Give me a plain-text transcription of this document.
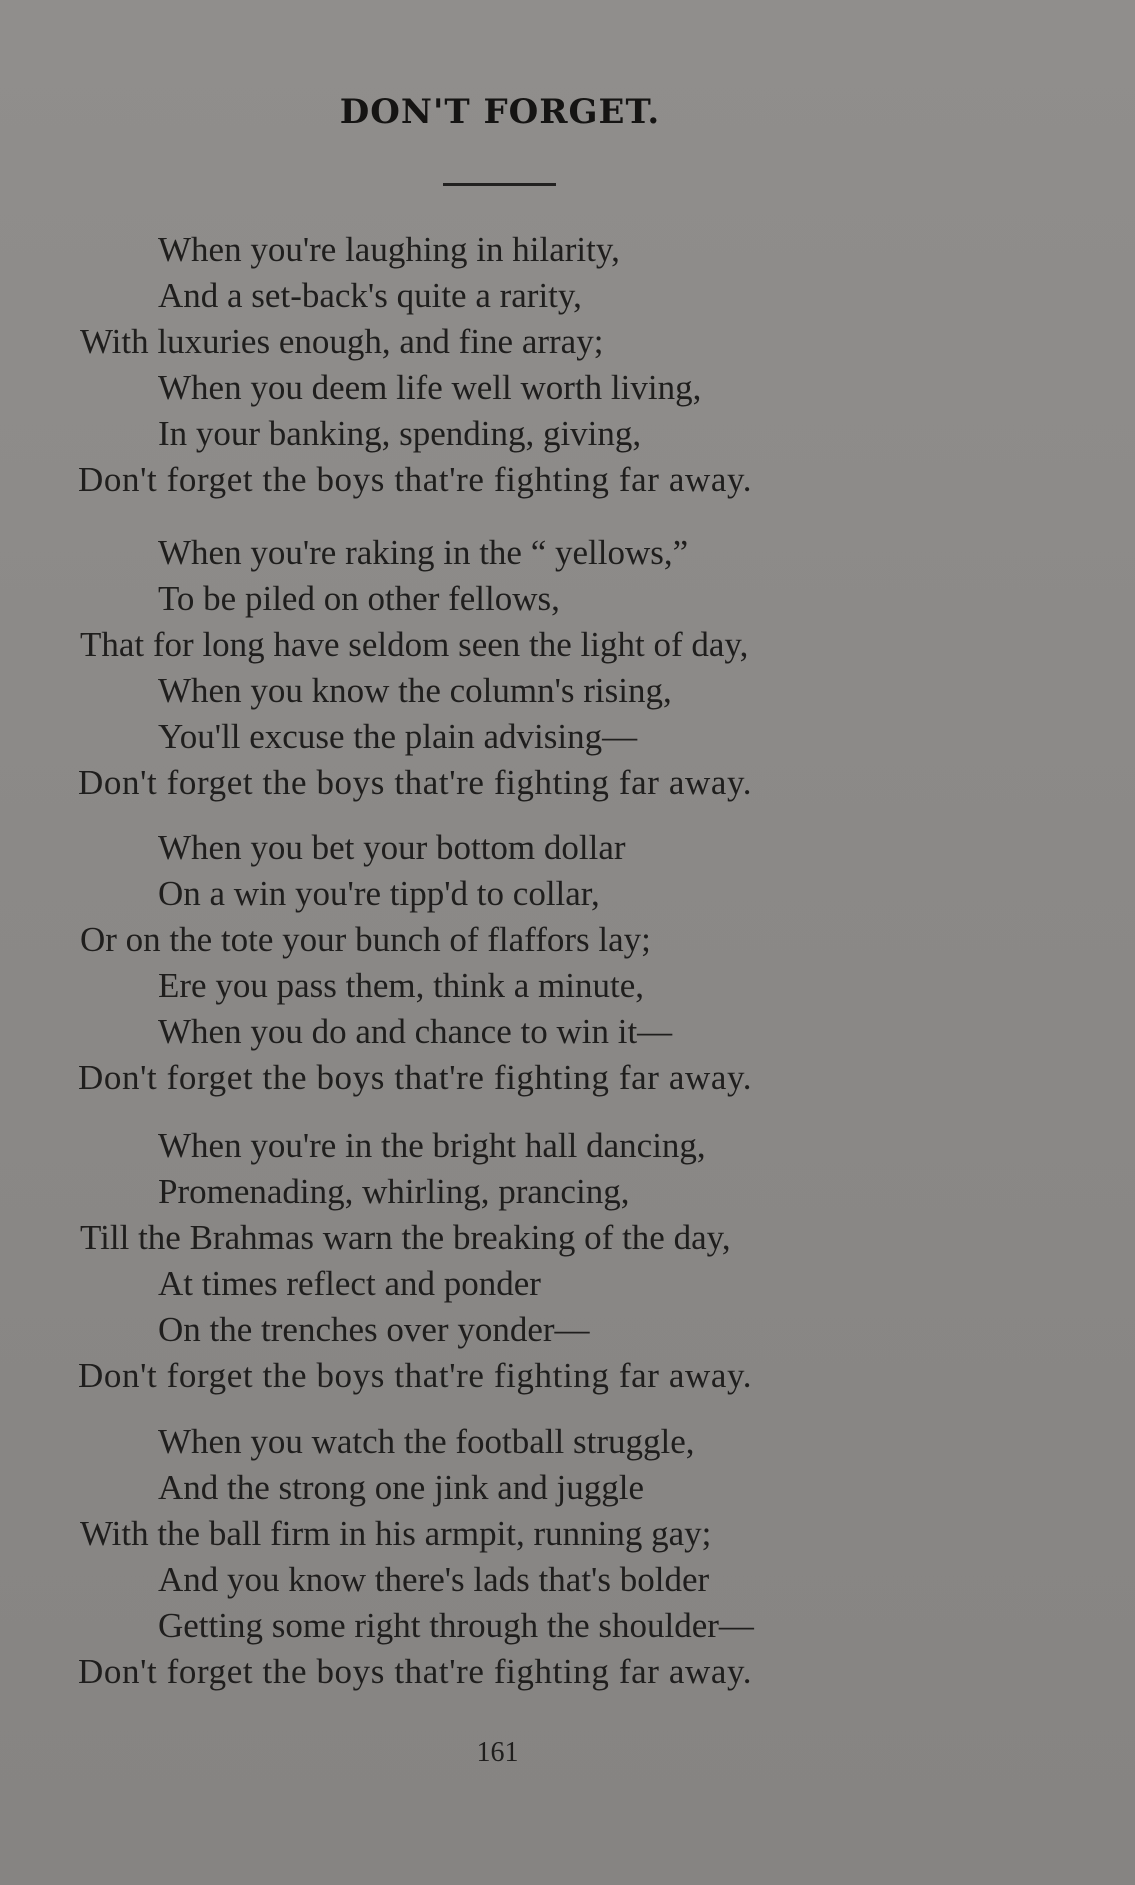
DON'T FORGET.
When you're laughing in hilarity,
And a set-back's quite a rarity,
With luxuries enough, and fine array;
When you deem life well worth living,
In your banking, spending, giving,
Don't forget the boys that're fighting far away.
When you're raking in the “ yellows,”
To be piled on other fellows,
That for long have seldom seen the light of day,
When you know the column's rising,
You'll excuse the plain advising—
Don't forget the boys that're fighting far away.
When you bet your bottom dollar
On a win you're tipp'd to collar,
Or on the tote your bunch of flaffors lay;
Ere you pass them, think a minute,
When you do and chance to win it—
Don't forget the boys that're fighting far away.
When you're in the bright hall dancing,
Promenading, whirling, prancing,
Till the Brahmas warn the breaking of the day,
At times reflect and ponder
On the trenches over yonder—
Don't forget the boys that're fighting far away.
When you watch the football struggle,
And the strong one jink and juggle
With the ball firm in his armpit, running gay;
And you know there's lads that's bolder
Getting some right through the shoulder—
Don't forget the boys that're fighting far away.
161
